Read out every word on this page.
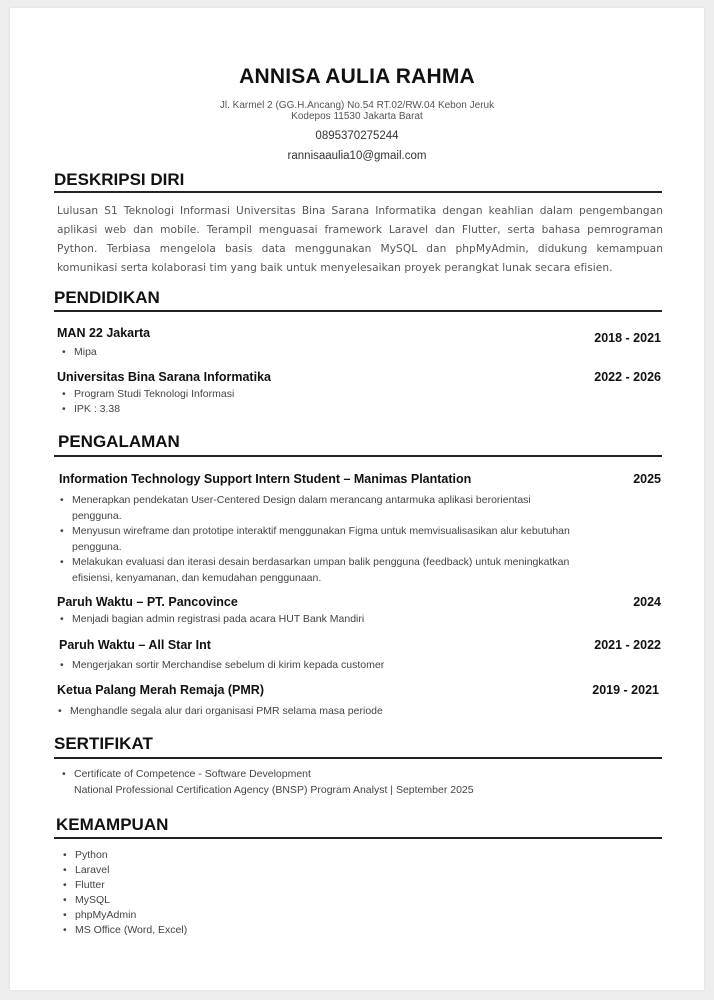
ANNISA AULIA RAHMA
Jl. Karmel 2 (GG.H.Ancang) No.54 RT.02/RW.04 Kebon Jeruk
Kodepos 11530 Jakarta Barat
0895370275244
rannisaaulia10@gmail.com
DESKRIPSI DIRI
Lulusan S1 Teknologi Informasi Universitas Bina Sarana Informatika dengan keahlian dalam pengembangan
aplikasi web dan mobile. Terampil menguasai framework Laravel dan Flutter, serta bahasa pemrograman
Python. Terbiasa mengelola basis data menggunakan MySQL dan phpMyAdmin, didukung kemampuan
komunikasi serta kolaborasi tim yang baik untuk menyelesaikan proyek perangkat lunak secara efisien.
PENDIDIKAN
MAN 22 Jakarta	2018 - 2021
• Mipa
Universitas Bina Sarana Informatika	2022 - 2026
• Program Studi Teknologi Informasi
• IPK : 3.38
PENGALAMAN
Information Technology Support Intern Student – Manimas Plantation	2025
• Menerapkan pendekatan User-Centered Design dalam merancang antarmuka aplikasi berorientasi
pengguna.
• Menyusun wireframe dan prototipe interaktif menggunakan Figma untuk memvisualisasikan alur kebutuhan
pengguna.
• Melakukan evaluasi dan iterasi desain berdasarkan umpan balik pengguna (feedback) untuk meningkatkan
efisiensi, kenyamanan, dan kemudahan penggunaan.
Paruh Waktu – PT. Pancovince	2024
• Menjadi bagian admin registrasi pada acara HUT Bank Mandiri
Paruh Waktu – All Star Int	2021 - 2022
• Mengerjakan sortir Merchandise sebelum di kirim kepada customer
Ketua Palang Merah Remaja (PMR)	2019 - 2021
• Menghandle segala alur dari organisasi PMR selama masa periode
SERTIFIKAT
• Certificate of Competence - Software Development
National Professional Certification Agency (BNSP) Program Analyst | September 2025
KEMAMPUAN
• Python
• Laravel
• Flutter
• MySQL
• phpMyAdmin
• MS Office (Word, Excel)
